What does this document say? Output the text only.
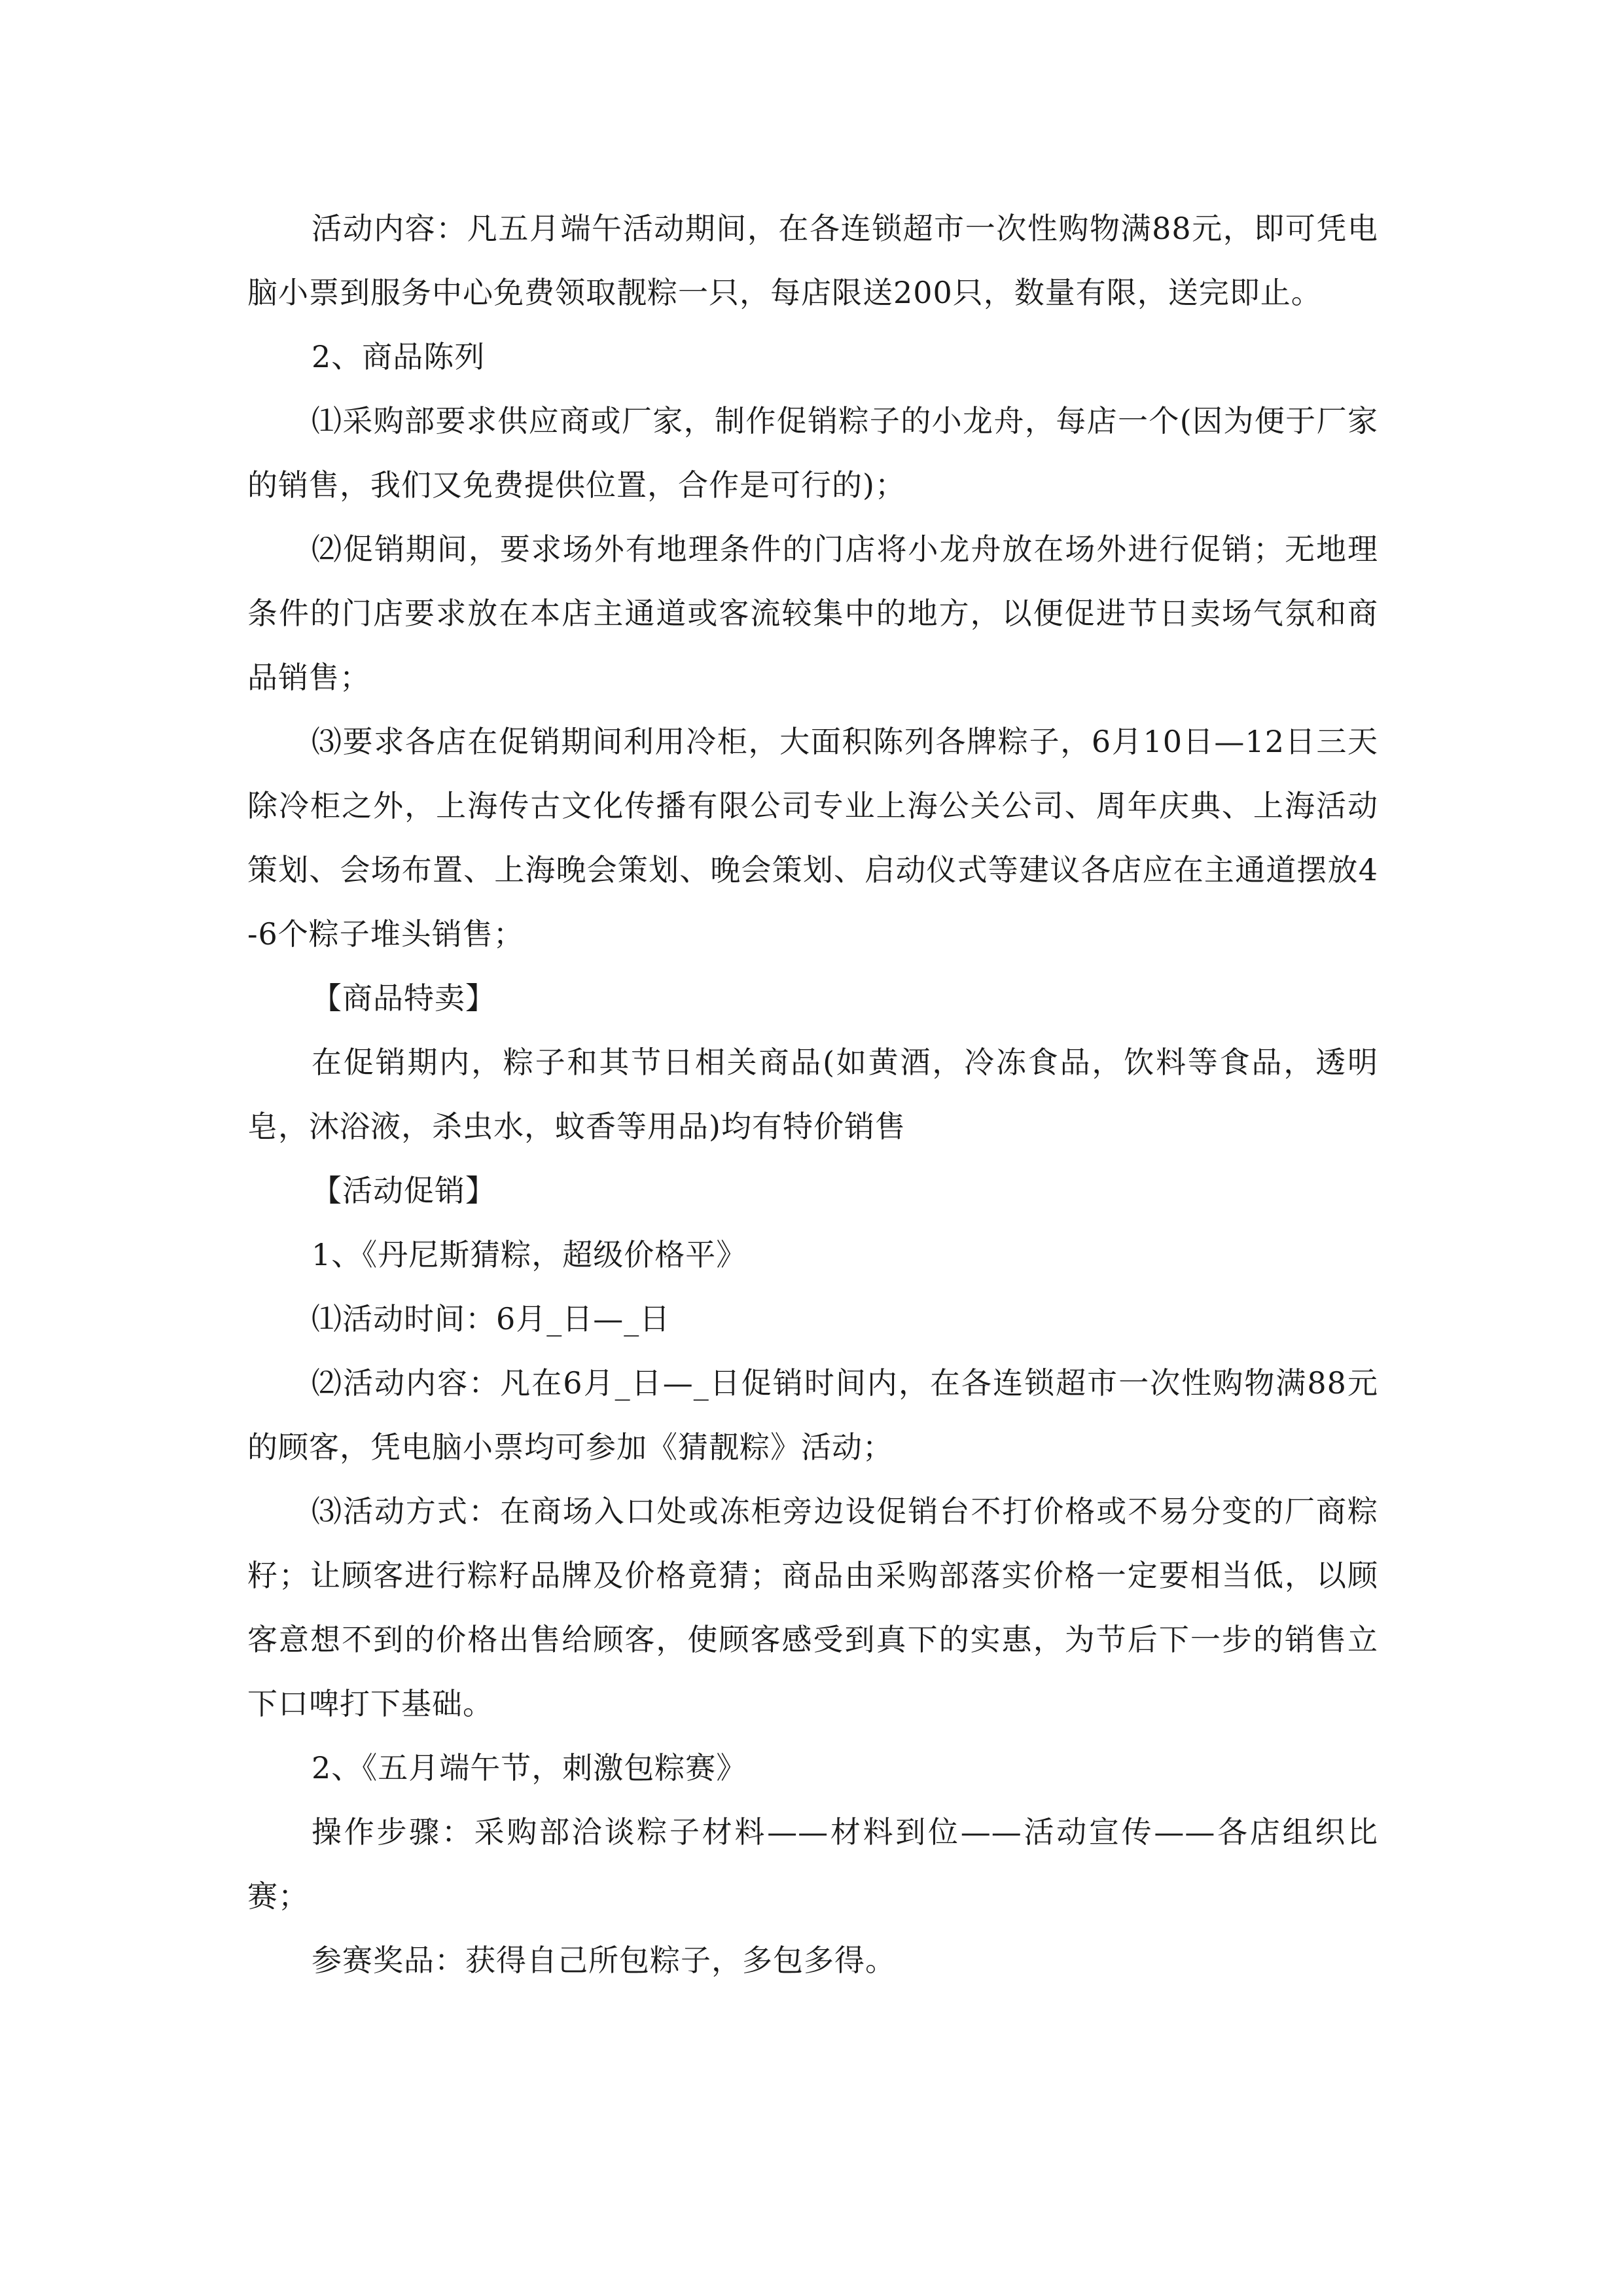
活动内容：凡五月端午活动期间，在各连锁超市一次性购物满88元，即可凭电脑小票到服务中心免费领取靓粽一只，每店限送200只，数量有限，送完即止。

2、商品陈列

⑴采购部要求供应商或厂家，制作促销粽子的小龙舟，每店一个(因为便于厂家的销售，我们又免费提供位置，合作是可行的)；

⑵促销期间，要求场外有地理条件的门店将小龙舟放在场外进行促销；无地理条件的门店要求放在本店主通道或客流较集中的地方，以便促进节日卖场气氛和商品销售；

⑶要求各店在促销期间利用冷柜，大面积陈列各牌粽子，6月10日—12日三天除冷柜之外，上海传古文化传播有限公司专业上海公关公司、周年庆典、上海活动策划、会场布置、上海晚会策划、晚会策划、启动仪式等建议各店应在主通道摆放4-6个粽子堆头销售；

【商品特卖】

在促销期内，粽子和其节日相关商品(如黄酒，冷冻食品，饮料等食品，透明皂，沐浴液，杀虫水，蚊香等用品)均有特价销售

【活动促销】

1、《丹尼斯猜粽，超级价格平》

⑴活动时间：6月_日—_日

⑵活动内容：凡在6月_日—_日促销时间内，在各连锁超市一次性购物满88元的顾客，凭电脑小票均可参加《猜靓粽》活动；

⑶活动方式：在商场入口处或冻柜旁边设促销台不打价格或不易分变的厂商粽籽；让顾客进行粽籽品牌及价格竟猜；商品由采购部落实价格一定要相当低，以顾客意想不到的价格出售给顾客，使顾客感受到真下的实惠，为节后下一步的销售立下口啤打下基础。

2、《五月端午节，刺激包粽赛》

操作步骤：采购部洽谈粽子材料——材料到位——活动宣传——各店组织比赛；

参赛奖品：获得自己所包粽子，多包多得。
